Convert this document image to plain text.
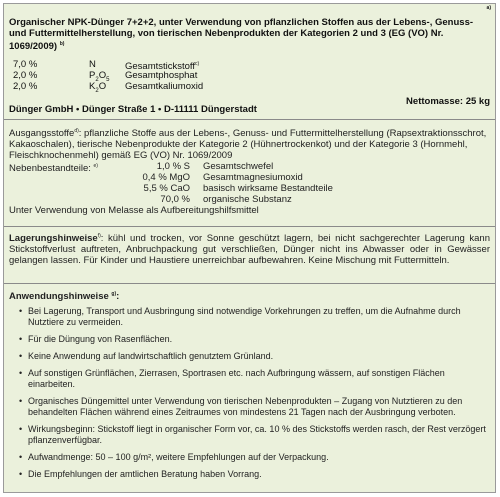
a)
Organischer NPK-Dünger 7+2+2, unter Verwendung von pflanzlichen Stoffen aus der Lebens-, Genuss- und Futtermittelherstellung, von tierischen Nebenprodukten der Kategorien 2 und 3 (EG (VO) Nr. 1069/2009) $^{b)}$
7,0 %	N	Gesamtstickstoff$^{c)}$
2,0 %	$P_2O_5$ Gesamtphosphat
2,0 %	$K_2O$ Gesamtkaliumoxid
Nettomasse: 25 kg
Dünger GmbH • Dünger Straße 1 • D-11111 Düngerstadt
Ausgangsstoffe$^{d)}$: pflanzliche Stoffe aus der Lebens-, Genuss- und Futtermittelherstellung (Rapsextraktionsschrot, Kakaoschalen), tierische Nebenprodukte der Kategorie 2 (Hühnertrockenkot) und der Kategorie 3 (Hornmehl, Fleischknochenmehl) gemäß EG (VO) Nr. 1069/2009
Nebenbestandteile: $^{e)}$	1,0 % S Gesamtschwefel
0,4 % MgO Gesamtmagnesiumoxid
5,5 % CaO basisch wirksame Bestandteile
70,0 % organische Substanz
Unter Verwendung von Melasse als Aufbereitungshilfsmittel
Lagerungshinweise$^{f)}$: kühl und trocken, vor Sonne geschützt lagern, bei nicht sachgerechter Lagerung kann Stickstoffverlust auftreten, Anbruchpackung gut verschließen, Dünger nicht ins Abwasser oder in Gewässer gelangen lassen. Für Kinder und Haustiere unerreichbar aufbewahren. Keine Mischung mit Futtermitteln.
Anwendungshinweise $^{g)}$:
• Bei Lagerung, Transport und Ausbringung sind notwendige Vorkehrungen zu treffen, um die Aufnahme durch Nutztiere zu vermeiden.
• Für die Düngung von Rasenflächen.
• Keine Anwendung auf landwirtschaftlich genutztem Grünland.
• Auf sonstigen Grünflächen, Zierrasen, Sportrasen etc. nach Aufbringung wässern, auf sonstigen Flächen einarbeiten.
• Organisches Düngemittel unter Verwendung von tierischen Nebenprodukten – Zugang von Nutztieren zu den behandelten Flächen während eines Zeitraumes von mindestens 21 Tagen nach der Ausbringung verboten.
• Wirkungsbeginn: Stickstoff liegt in organischer Form vor, ca. 10 % des Stickstoffs werden rasch, der Rest verzögert pflanzenverfügbar.
• Aufwandmenge: 50 – 100 g/m², weitere Empfehlungen auf der Verpackung.
• Die Empfehlungen der amtlichen Beratung haben Vorrang.
